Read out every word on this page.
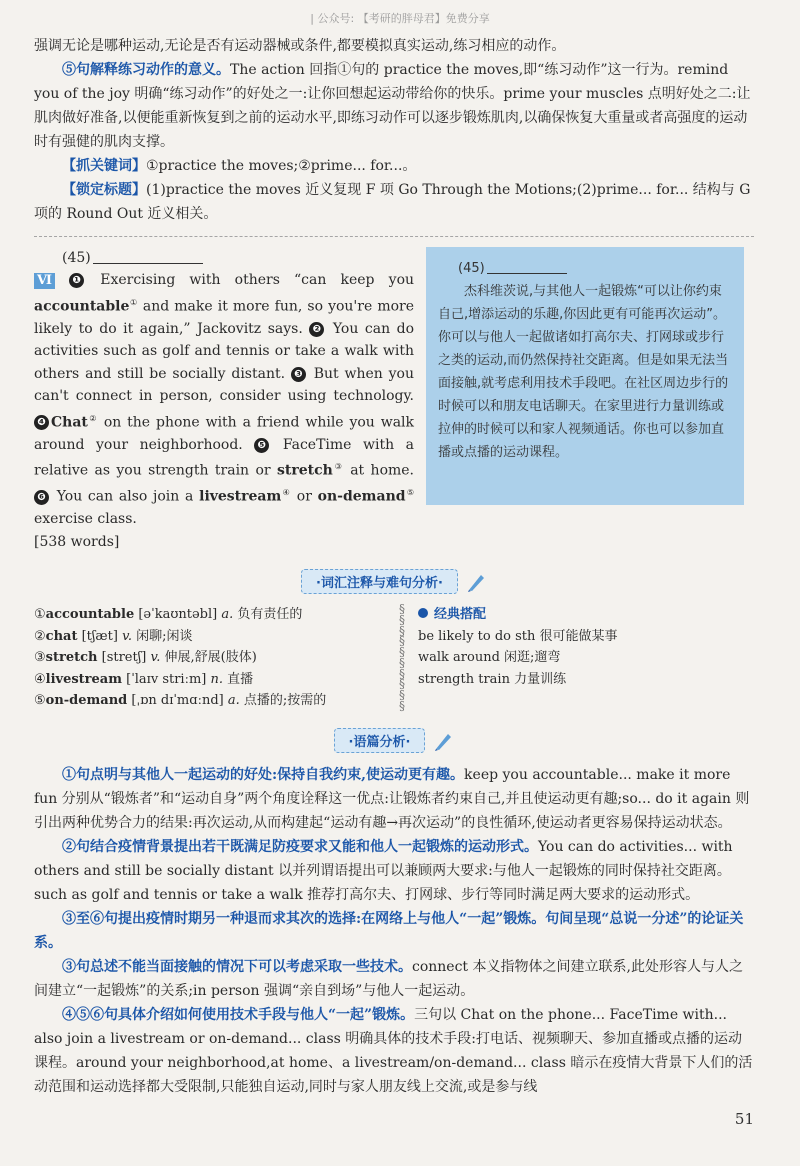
| 公众号: 【考研的胖母君】免费分享

强调无论是哪种运动,无论是否有运动器械或条件,都要模拟真实运动,练习相应的动作。

⑤句解释练习动作的意义。The action 回指①句的 practice the moves,即“练习动作”这一行为。remind you of the joy 明确“练习动作”的好处之一:让你回想起运动带给你的快乐。prime your muscles 点明好处之二:让肌肉做好准备,以便能重新恢复到之前的运动水平,即练习动作可以逐步锻炼肌肉,以确保恢复大重量或者高强度的运动时有强健的肌肉支撑。

【抓关键词】①practice the moves;②prime... for...。

【锁定标题】(1)practice the moves 近义复现 F 项 Go Through the Motions;(2)prime... for... 结构与 G 项的 Round Out 近义相关。

(45)

Ⅵ ❶ Exercising with others “can keep you accountable① and make it more fun, so you're more likely to do it again,” Jackovitz says. ❷ You can do activities such as golf and tennis or take a walk with others and still be socially distant. ❸ But when you can't connect in person, consider using technology. ❹ Chat② on the phone with a friend while you walk around your neighborhood. ❺ FaceTime with a relative as you strength train or stretch③ at home. ❻ You can also join a livestream④ or on-demand⑤ exercise class.
[538 words]

(45)
杰科维茨说,与其他人一起锻炼“可以让你约束自己,增添运动的乐趣,你因此更有可能再次运动”。你可以与他人一起做诸如打高尔夫、打网球或步行之类的运动,而仍然保持社交距离。但是如果无法当面接触,就考虑利用技术手段吧。在社区周边步行的时候可以和朋友电话聊天。在家里进行力量训练或拉伸的时候可以和家人视频通话。你也可以参加直播或点播的运动课程。
·词汇注释与难句分析·
①accountable [əˈkaʊntəbl] a. 负有责任的
②chat [tʃæt] v. 闲聊;闲谈
③stretch [stretʃ] v. 伸展,舒展(肢体)
④livestream [ˈlaɪv striːm] n. 直播
⑤on-demand [ˌɒn dɪˈmɑːnd] a. 点播的;按需的
§
§
§
§
§
§
§
§
§
§
经典搭配
be likely to do sth 很可能做某事
walk around 闲逛;遛弯
strength train 力量训练
·语篇分析·

①句点明与其他人一起运动的好处:保持自我约束,使运动更有趣。keep you accountable... make it more fun 分别从“锻炼者”和“运动自身”两个角度诠释这一优点:让锻炼者约束自己,并且使运动更有趣;so... do it again 则引出两种优势合力的结果:再次运动,从而构建起“运动有趣→再次运动”的良性循环,使运动者更容易保持运动状态。

②句结合疫情背景提出若干既满足防疫要求又能和他人一起锻炼的运动形式。You can do activities... with others and still be socially distant 以并列谓语提出可以兼顾两大要求:与他人一起锻炼的同时保持社交距离。such as golf and tennis or take a walk 推荐打高尔夫、打网球、步行等同时满足两大要求的运动形式。

③至⑥句提出疫情时期另一种退而求其次的选择:在网络上与他人“一起”锻炼。句间呈现“总说一分述”的论证关系。

③句总述不能当面接触的情况下可以考虑采取一些技术。connect 本义指物体之间建立联系,此处形容人与人之间建立“一起锻炼”的关系;in person 强调“亲自到场”与他人一起运动。

④⑤⑥句具体介绍如何使用技术手段与他人“一起”锻炼。三句以 Chat on the phone... FaceTime with... also join a livestream or on-demand... class 明确具体的技术手段:打电话、视频聊天、参加直播或点播的运动课程。around your neighborhood,at home、a livestream/on-demand... class 暗示在疫情大背景下人们的活动范围和运动选择都大受限制,只能独自运动,同时与家人朋友线上交流,或是参与线

51
